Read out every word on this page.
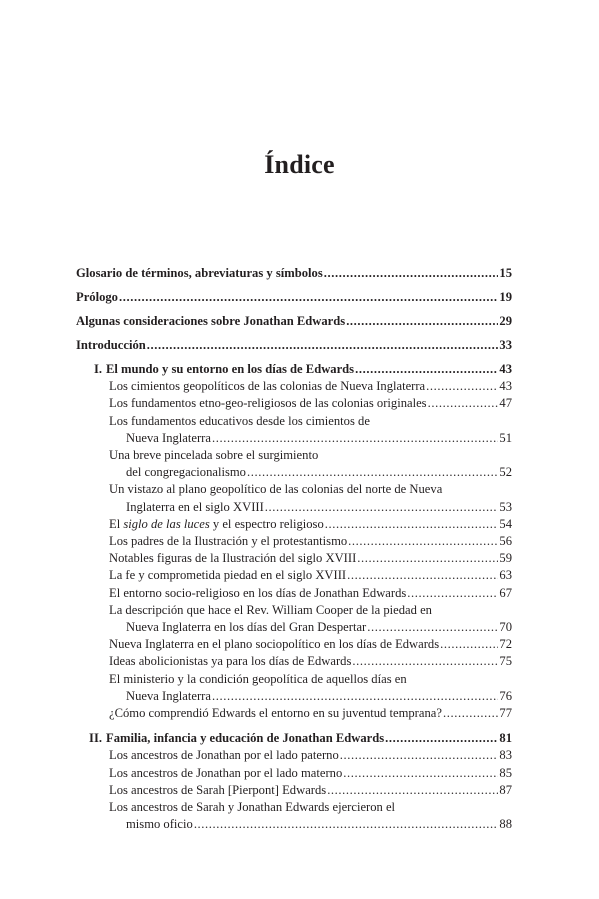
Índice
Glosario de términos, abreviaturas y símbolos .....	15
Prólogo .....	19
Algunas consideraciones sobre Jonathan Edwards .....	29
Introducción .....	33
I. El mundo y su entorno en los días de Edwards .....	43
Los cimientos geopolíticos de las colonias de Nueva Inglaterra .....	43
Los fundamentos etno-geo-religiosos de las colonias originales .....	47
Los fundamentos educativos desde los cimientos de
Nueva Inglaterra .....	51
Una breve pincelada sobre el surgimiento
del congregacionalismo .....	52
Un vistazo al plano geopolítico de las colonias del norte de Nueva
Inglaterra en el siglo XVIII .....	53
El siglo de las luces y el espectro religioso .....	54
Los padres de la Ilustración y el protestantismo .....	56
Notables figuras de la Ilustración del siglo XVIII .....	59
La fe y comprometida piedad en el siglo XVIII .....	63
El entorno socio-religioso en los días de Jonathan Edwards .....	67
La descripción que hace el Rev. William Cooper de la piedad en
Nueva Inglaterra en los días del Gran Despertar .....	70
Nueva Inglaterra en el plano sociopolítico en los días de Edwards .....	72
Ideas abolicionistas ya para los días de Edwards .....	75
El ministerio y la condición geopolítica de aquellos días en
Nueva Inglaterra .....	76
¿Cómo comprendió Edwards el entorno en su juventud temprana? .....	77
II. Familia, infancia y educación de Jonathan Edwards .....	81
Los ancestros de Jonathan por el lado paterno .....	83
Los ancestros de Jonathan por el lado materno .....	85
Los ancestros de Sarah [Pierpont] Edwards .....	87
Los ancestros de Sarah y Jonathan Edwards ejercieron el
mismo oficio .....	88
